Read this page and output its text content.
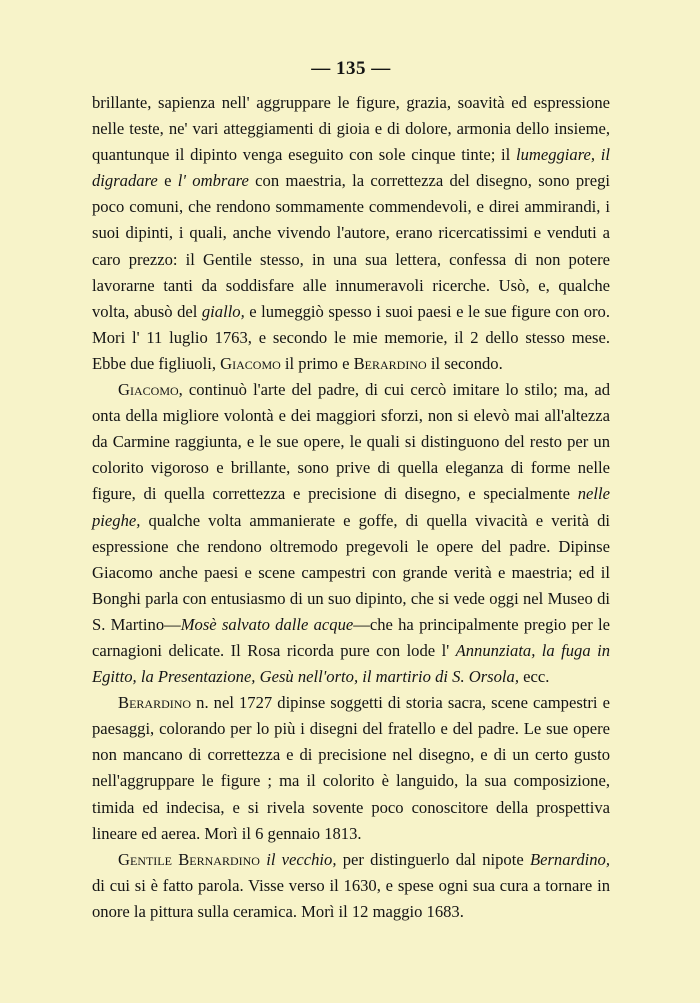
— 135 —

brillante, sapienza nell' aggruppare le figure, grazia, soavità ed espressione nelle teste, ne' vari atteggiamenti di gioia e di dolore, armonia dello insieme, quantunque il dipinto venga eseguito con sole cinque tinte; il lumeggiare, il digradare e l' ombrare con maestria, la correttezza del disegno, sono pregi poco comuni, che rendono sommamente commendevoli, e direi ammirandi, i suoi dipinti, i quali, anche vivendo l'autore, erano ricercatissimi e venduti a caro prezzo: il Gentile stesso, in una sua lettera, confessa di non potere lavorarne tanti da soddisfare alle innumeravoli ricerche. Usò, e, qualche volta, abusò del giallo, e lumeggiò spesso i suoi paesi e le sue figure con oro. Mori l' 11 luglio 1763, e secondo le mie memorie, il 2 dello stesso mese. Ebbe due figliuoli, Giacomo il primo e Berardino il secondo.

Giacomo, continuò l'arte del padre, di cui cercò imitare lo stilo; ma, ad onta della migliore volontà e dei maggiori sforzi, non si elevò mai all'altezza da Carmine raggiunta, e le sue opere, le quali si distinguono del resto per un colorito vigoroso e brillante, sono prive di quella eleganza di forme nelle figure, di quella correttezza e precisione di disegno, e specialmente nelle pieghe, qualche volta ammanierate e goffe, di quella vivacità e verità di espressione che rendono oltremodo pregevoli le opere del padre. Dipinse Giacomo anche paesi e scene campestri con grande verità e maestria; ed il Bonghi parla con entusiasmo di un suo dipinto, che si vede oggi nel Museo di S. Martino—Mosè salvato dalle acque—che ha principalmente pregio per le carnagioni delicate. Il Rosa ricorda pure con lode l' Annunziata, la fuga in Egitto, la Presentazione, Gesù nell'orto, il martirio di S. Orsola, ecc.

Berardino n. nel 1727 dipinse soggetti di storia sacra, scene campestri e paesaggi, colorando per lo più i disegni del fratello e del padre. Le sue opere non mancano di correttezza e di precisione nel disegno, e di un certo gusto nell'aggruppare le figure ; ma il colorito è languido, la sua composizione, timida ed indecisa, e si rivela sovente poco conoscitore della prospettiva lineare ed aerea. Morì il 6 gennaio 1813.

Gentile Bernardino il vecchio, per distinguerlo dal nipote Bernardino, di cui si è fatto parola. Visse verso il 1630, e spese ogni sua cura a tornare in onore la pittura sulla ceramica. Morì il 12 maggio 1683.
